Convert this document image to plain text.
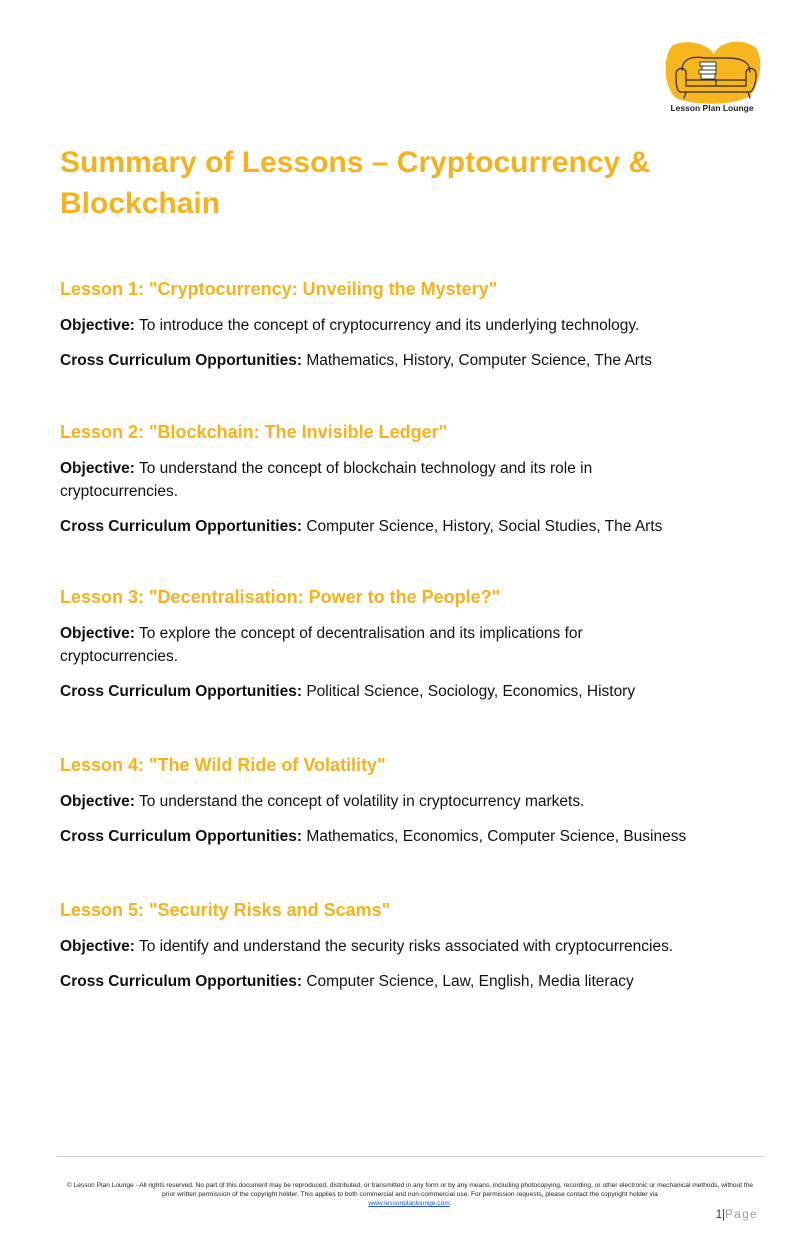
Lesson Plan Lounge
Summary of Lessons – Cryptocurrency & Blockchain
Lesson 1: "Cryptocurrency: Unveiling the Mystery"

Objective: To introduce the concept of cryptocurrency and its underlying technology.

Cross Curriculum Opportunities: Mathematics, History, Computer Science, The Arts

Lesson 2: "Blockchain: The Invisible Ledger"

Objective: To understand the concept of blockchain technology and its role in cryptocurrencies.

Cross Curriculum Opportunities: Computer Science, History, Social Studies, The Arts

Lesson 3: "Decentralisation: Power to the People?"

Objective: To explore the concept of decentralisation and its implications for cryptocurrencies.

Cross Curriculum Opportunities: Political Science, Sociology, Economics, History

Lesson 4: "The Wild Ride of Volatility"

Objective: To understand the concept of volatility in cryptocurrency markets.

Cross Curriculum Opportunities: Mathematics, Economics, Computer Science, Business

Lesson 5: "Security Risks and Scams"

Objective: To identify and understand the security risks associated with cryptocurrencies.

Cross Curriculum Opportunities: Computer Science, Law, English, Media literacy

© Lesson Plan Lounge - All rights reserved. No part of this document may be reproduced, distributed, or transmitted in any form or by any means, including photocopying, recording, or other electronic or mechanical methods, without the prior written permission of the copyright holder. This applies to both commercial and non-commercial use. For permission requests, please contact the copyright holder via
www.lessonplanlounge.com.
1|Page
